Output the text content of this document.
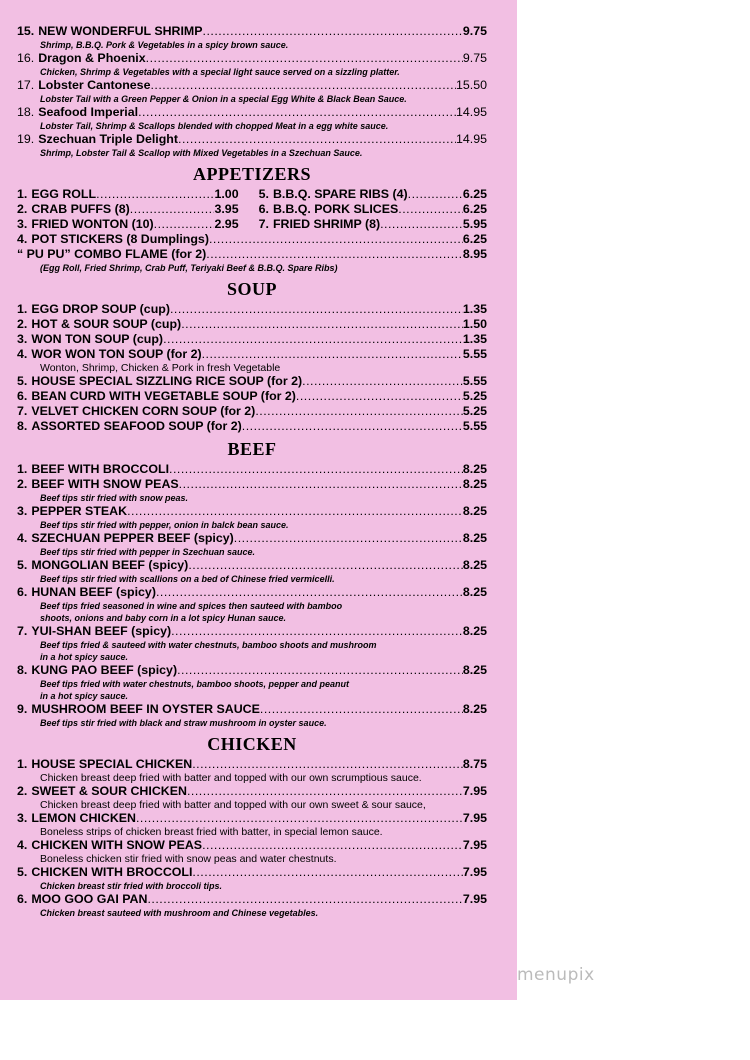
15. NEW WONDERFUL SHRIMP .....	9.75
Shrimp, B.B.Q. Pork & Vegetables in a spicy brown sauce.
16. Dragon & Phoenix .....	9.75
Chicken, Shrimp & Vegetables with a special light sauce served on a sizzling platter.
17. Lobster Cantonese .....	15.50
Lobster Tail with a Green Pepper & Onion in a special Egg White & Black Bean Sauce.
18. Seafood Imperial .....	14.95
Lobster Tail, Shrimp & Scallops blended with chopped Meat in a egg white sauce.
19. Szechuan Triple Delight .....	14.95
Shrimp, Lobster Tail & Scallop with Mixed Vegetables in a Szechuan Sauce.
APPETIZERS
1. EGG ROLL .....	1.00 5. B.B.Q. SPARE RIBS (4) .....	6.25
2. CRAB PUFFS (8) .....	3.95 6. B.B.Q. PORK SLICES .....	6.25
3. FRIED WONTON (10) .....	2.95 7. FRIED SHRIMP (8) .....	5.95
4. POT STICKERS (8 Dumplings) .....	6.25
“ PU PU” COMBO FLAME (for 2) .....	8.95
(Egg Roll, Fried Shrimp, Crab Puff, Teriyaki Beef & B.B.Q. Spare Ribs)
SOUP
1. EGG DROP SOUP (cup) .....	1.35
2. HOT & SOUR SOUP (cup) .....	1.50
3. WON TON SOUP (cup) .....	1.35
4. WOR WON TON SOUP (for 2) .....	5.55
Wonton, Shrimp, Chicken & Pork in fresh Vegetable
5. HOUSE SPECIAL SIZZLING RICE SOUP (for 2) .....	5.55
6. BEAN CURD WITH VEGETABLE SOUP (for 2) .....	5.25
7. VELVET CHICKEN CORN SOUP (for 2) .....	5.25
8. ASSORTED SEAFOOD SOUP (for 2) .....	5.55
BEEF
1. BEEF WITH BROCCOLI .....	8.25
2. BEEF WITH SNOW PEAS .....	8.25
Beef tips stir fried with snow peas.
3. PEPPER STEAK .....	8.25
Beef tips stir fried with pepper, onion in balck bean sauce.
4. SZECHUAN PEPPER BEEF (spicy) .....	8.25
Beef tips stir fried with pepper in Szechuan sauce.
5. MONGOLIAN BEEF (spicy) .....	8.25
Beef tips stir fried with scallions on a bed of Chinese fried vermicelli.
6. HUNAN BEEF (spicy) .....	8.25
Beef tips fried seasoned in wine and spices then sauteed with bamboo
shoots, onions and baby corn in a lot spicy Hunan sauce.
7. YUI-SHAN BEEF (spicy) .....	8.25
Beef tips fried & sauteed with water chestnuts, bamboo shoots and mushroom
in a hot spicy sauce.
8. KUNG PAO BEEF (spicy) .....	8.25
Beef tips fried with water chestnuts, bamboo shoots, pepper and peanut
in a hot spicy sauce.
9. MUSHROOM BEEF IN OYSTER SAUCE .....	8.25
Beef tips stir fried with black and straw mushroom in oyster sauce.
CHICKEN
1. HOUSE SPECIAL CHICKEN .....	8.75
Chicken breast deep fried with batter and topped with our own scrumptious sauce.
2. SWEET & SOUR CHICKEN .....	7.95
Chicken breast deep fried with batter and topped with our own sweet & sour sauce,
3. LEMON CHICKEN .....	7.95
Boneless strips of chicken breast fried with batter, in special lemon sauce.
4. CHICKEN WITH SNOW PEAS .....	7.95
Boneless chicken stir fried with snow peas and water chestnuts.
5. CHICKEN WITH BROCCOLI .....	7.95
Chicken breast stir fried with broccoli tips.
6. MOO GOO GAI PAN .....	7.95
Chicken breast sauteed with mushroom and Chinese vegetables.
menupix
